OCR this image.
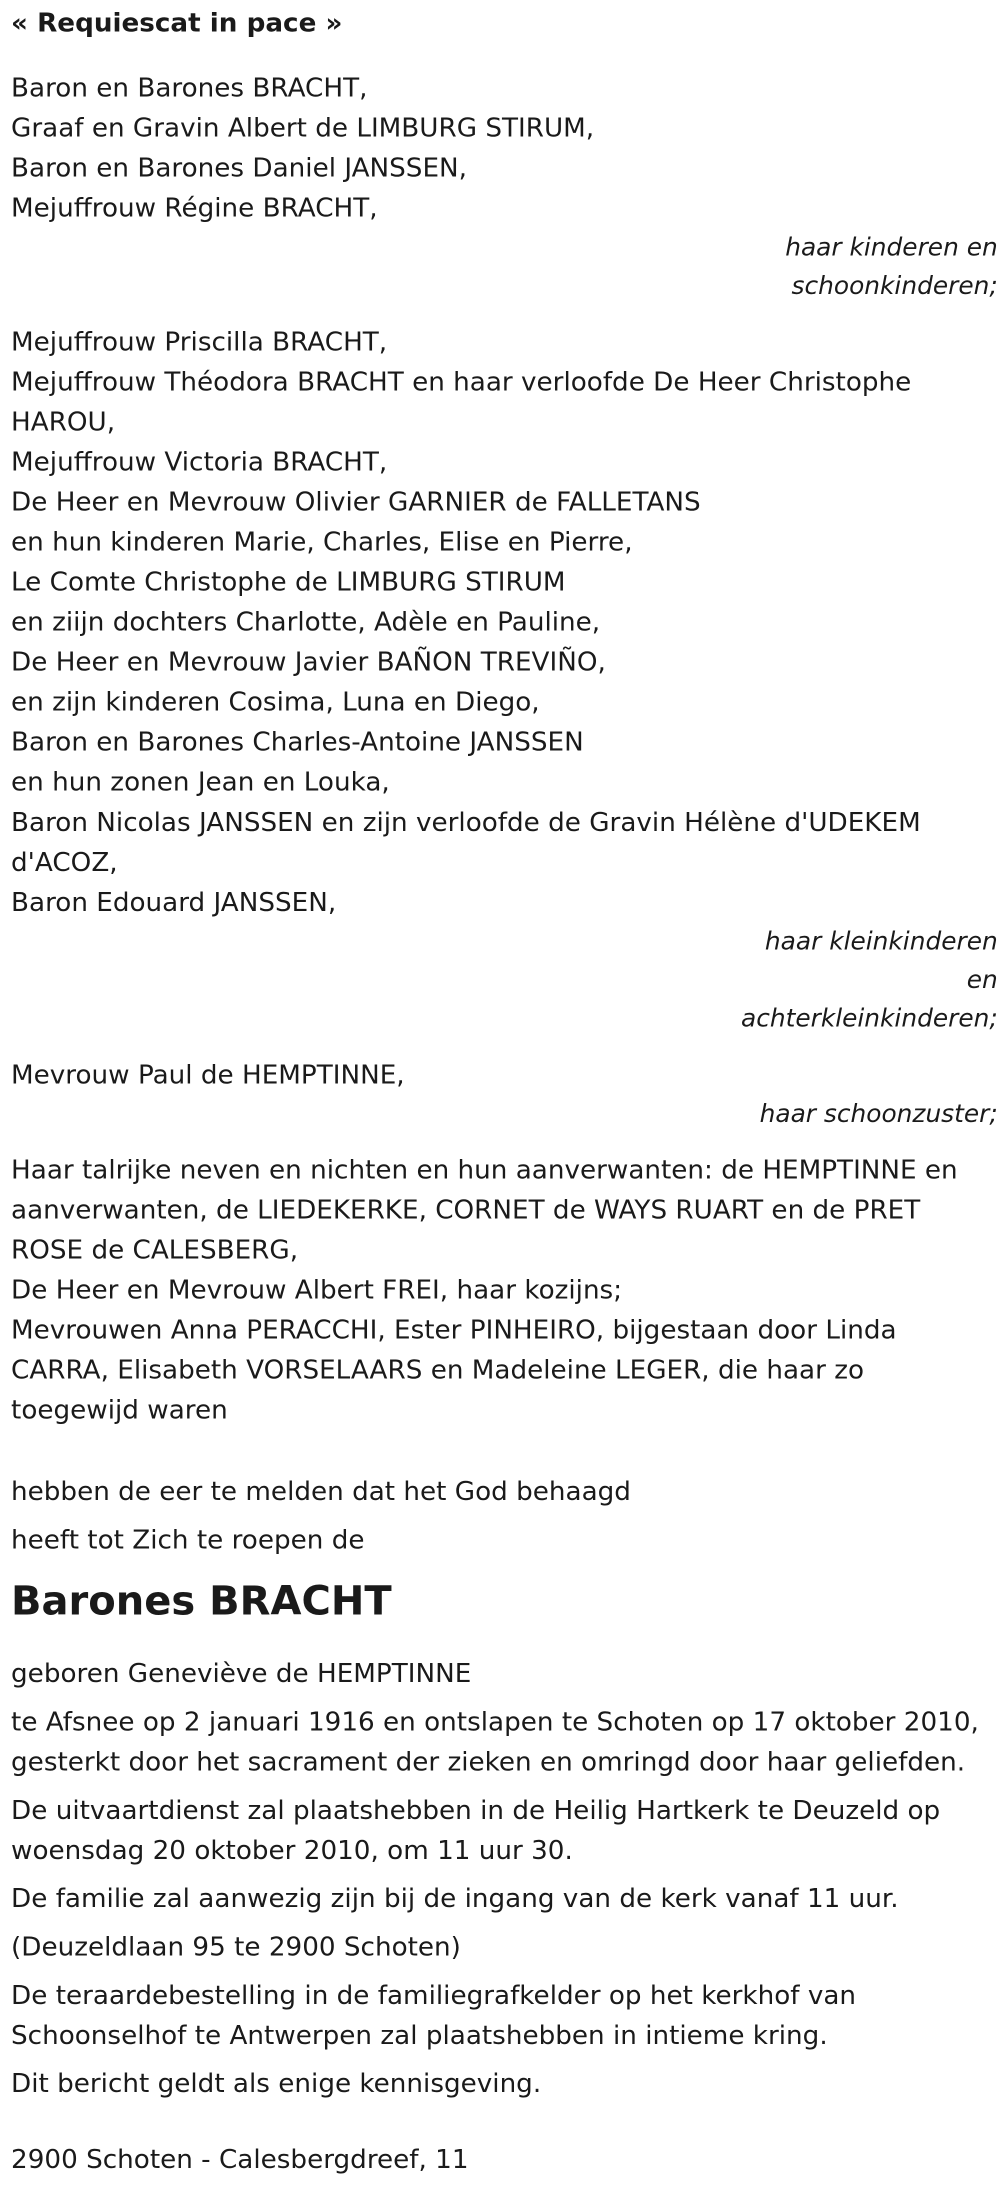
« Requiescat in pace »

Baron en Barones BRACHT,

Graaf en Gravin Albert de LIMBURG STIRUM,

Baron en Barones Daniel JANSSEN,

Mejuffrouw Régine BRACHT,

haar kinderen en

schoonkinderen;

Mejuffrouw Priscilla BRACHT,

Mejuffrouw Théodora BRACHT en haar verloofde De Heer Christophe HAROU,

Mejuffrouw Victoria BRACHT,

De Heer en Mevrouw Olivier GARNIER de FALLETANS

en hun kinderen Marie, Charles, Elise en Pierre,

Le Comte Christophe de LIMBURG STIRUM

en ziijn dochters Charlotte, Adèle en Pauline,

De Heer en Mevrouw Javier BAÑON TREVIÑO,

en zijn kinderen Cosima, Luna en Diego,

Baron en Barones Charles-Antoine JANSSEN

en hun zonen Jean en Louka,

Baron Nicolas JANSSEN en zijn verloofde de Gravin Hélène d'UDEKEM d'ACOZ,

Baron Edouard JANSSEN,

haar kleinkinderen

en

achterkleinkinderen;

Mevrouw Paul de HEMPTINNE,

haar schoonzuster;

Haar talrijke neven en nichten en hun aanverwanten: de HEMPTINNE en aanverwanten, de LIEDEKERKE, CORNET de WAYS RUART en de PRET ROSE de CALESBERG,

De Heer en Mevrouw Albert FREI, haar kozijns;

Mevrouwen Anna PERACCHI, Ester PINHEIRO, bijgestaan door Linda CARRA, Elisabeth VORSELAARS en Madeleine LEGER, die haar zo toegewijd waren

hebben de eer te melden dat het God behaagd

heeft tot Zich te roepen de

Barones BRACHT

geboren Geneviève de HEMPTINNE

te Afsnee op 2 januari 1916 en ontslapen te Schoten op 17 oktober 2010, gesterkt door het sacrament der zieken en omringd door haar geliefden.

De uitvaartdienst zal plaatshebben in de Heilig Hartkerk te Deuzeld op woensdag 20 oktober 2010, om 11 uur 30.

De familie zal aanwezig zijn bij de ingang van de kerk vanaf 11 uur.

(Deuzeldlaan 95 te 2900 Schoten)

De teraardebestelling in de familiegrafkelder op het kerkhof van Schoonselhof te Antwerpen zal plaatshebben in intieme kring.

Dit bericht geldt als enige kennisgeving.

2900 Schoten - Calesbergdreef, 11
